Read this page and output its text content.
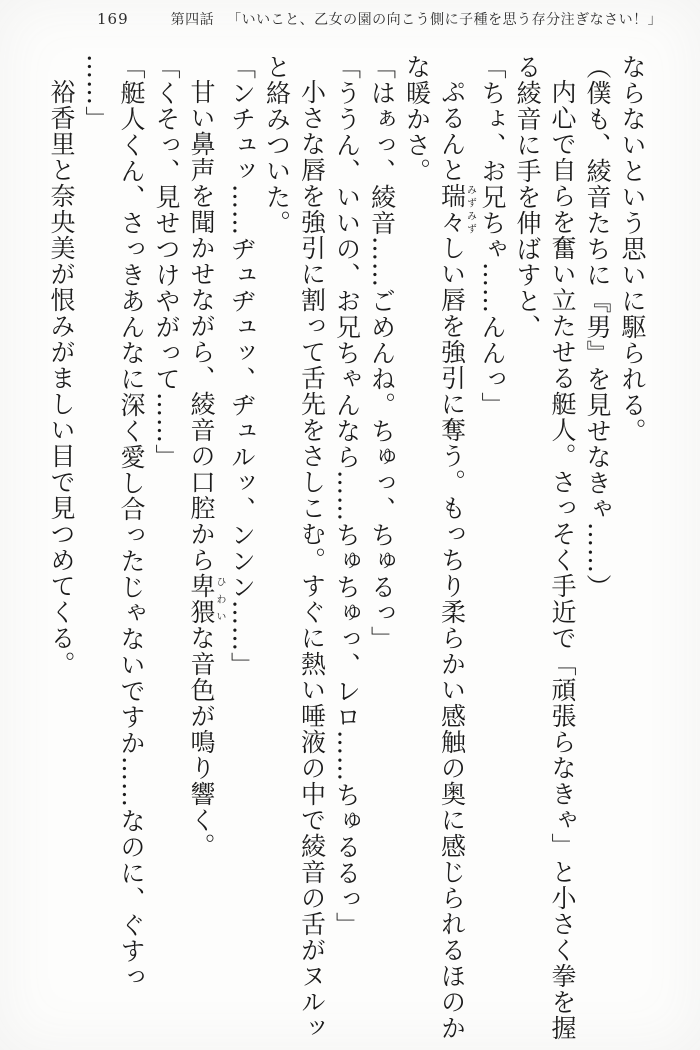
169	第四話 「いいこと、乙女の園の向こう側に子種を思う存分注ぎなさい！」

ならないという思いに駆られる。

（僕も、綾音たちに『男』を見せなきゃ……）

内心で自らを奮い立たせる艇人。さっそく手近で「頑張らなきゃ」と小さく拳を握

る綾音に手を伸ばすと、

「ちょ、お兄ちゃ……んんっ」

ぷるんと瑞々みずみずしい唇を強引に奪う。もっちり柔らかい感触の奥に感じられるほのか

な暖かさ。

「はぁっ、綾音……ごめんね。ちゅっ、ちゅるっ」

「ううん、いいの、お兄ちゃんなら……ちゅちゅっ、レロ……ちゅるるっ」

小さな唇を強引に割って舌先をさしこむ。すぐに熱い唾液の中で綾音の舌がヌルッ

と絡みついた。

「ンチュッ……ヂュヂュッ、ヂュルッ、ンンン……」

甘い鼻声を聞かせながら、綾音の口腔から卑猥ひわいな音色が鳴り響く。

「くそっ、見せつけやがって……」

「艇人くん、さっきあんなに深く愛し合ったじゃないですか……なのに、ぐすっ

……」

裕香里と奈央美が恨みがましい目で見つめてくる。
